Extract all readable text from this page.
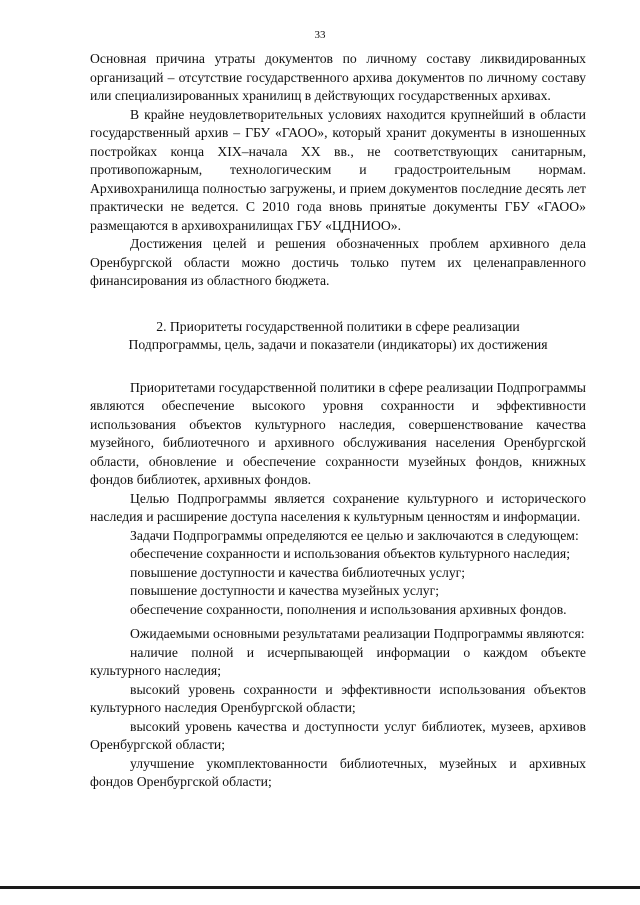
33

Основная причина утраты документов по личному составу ликвидированных организаций – отсутствие государственного архива документов по личному составу или специализированных хранилищ в действующих государственных архивах.

В крайне неудовлетворительных условиях находится крупнейший в области государственный архив – ГБУ «ГАОО», который хранит документы в изношенных постройках конца XIX–начала XX вв., не соответствующих санитарным, противопожарным, технологическим и градостроительным нормам. Архивохранилища полностью загружены, и прием документов последние десять лет практически не ведется. С 2010 года вновь принятые документы ГБУ «ГАОО» размещаются в архивохранилищах ГБУ «ЦДНИОО».

Достижения целей и решения обозначенных проблем архивного дела Оренбургской области можно достичь только путем их целенаправленного финансирования из областного бюджета.

2. Приоритеты государственной политики в сфере реализации
Подпрограммы, цель, задачи и показатели (индикаторы) их достижения

Приоритетами государственной политики в сфере реализации Подпрограммы являются обеспечение высокого уровня сохранности и эффективности использования объектов культурного наследия, совершенствование качества музейного, библиотечного и архивного обслуживания населения Оренбургской области, обновление и обеспечение сохранности музейных фондов, книжных фондов библиотек, архивных фондов.

Целью Подпрограммы является сохранение культурного и исторического наследия и расширение доступа населения к культурным ценностям и информации.

Задачи Подпрограммы определяются ее целью и заключаются в следующем:

обеспечение сохранности и использования объектов культурного наследия;

повышение доступности и качества библиотечных услуг;

повышение доступности и качества музейных услуг;

обеспечение сохранности, пополнения и использования архивных фондов.

Ожидаемыми основными результатами реализации Подпрограммы являются:

наличие полной и исчерпывающей информации о каждом объекте культурного наследия;

высокий уровень сохранности и эффективности использования объектов культурного наследия Оренбургской области;

высокий уровень качества и доступности услуг библиотек, музеев, архивов Оренбургской области;

улучшение укомплектованности библиотечных, музейных и архивных фондов Оренбургской области;
